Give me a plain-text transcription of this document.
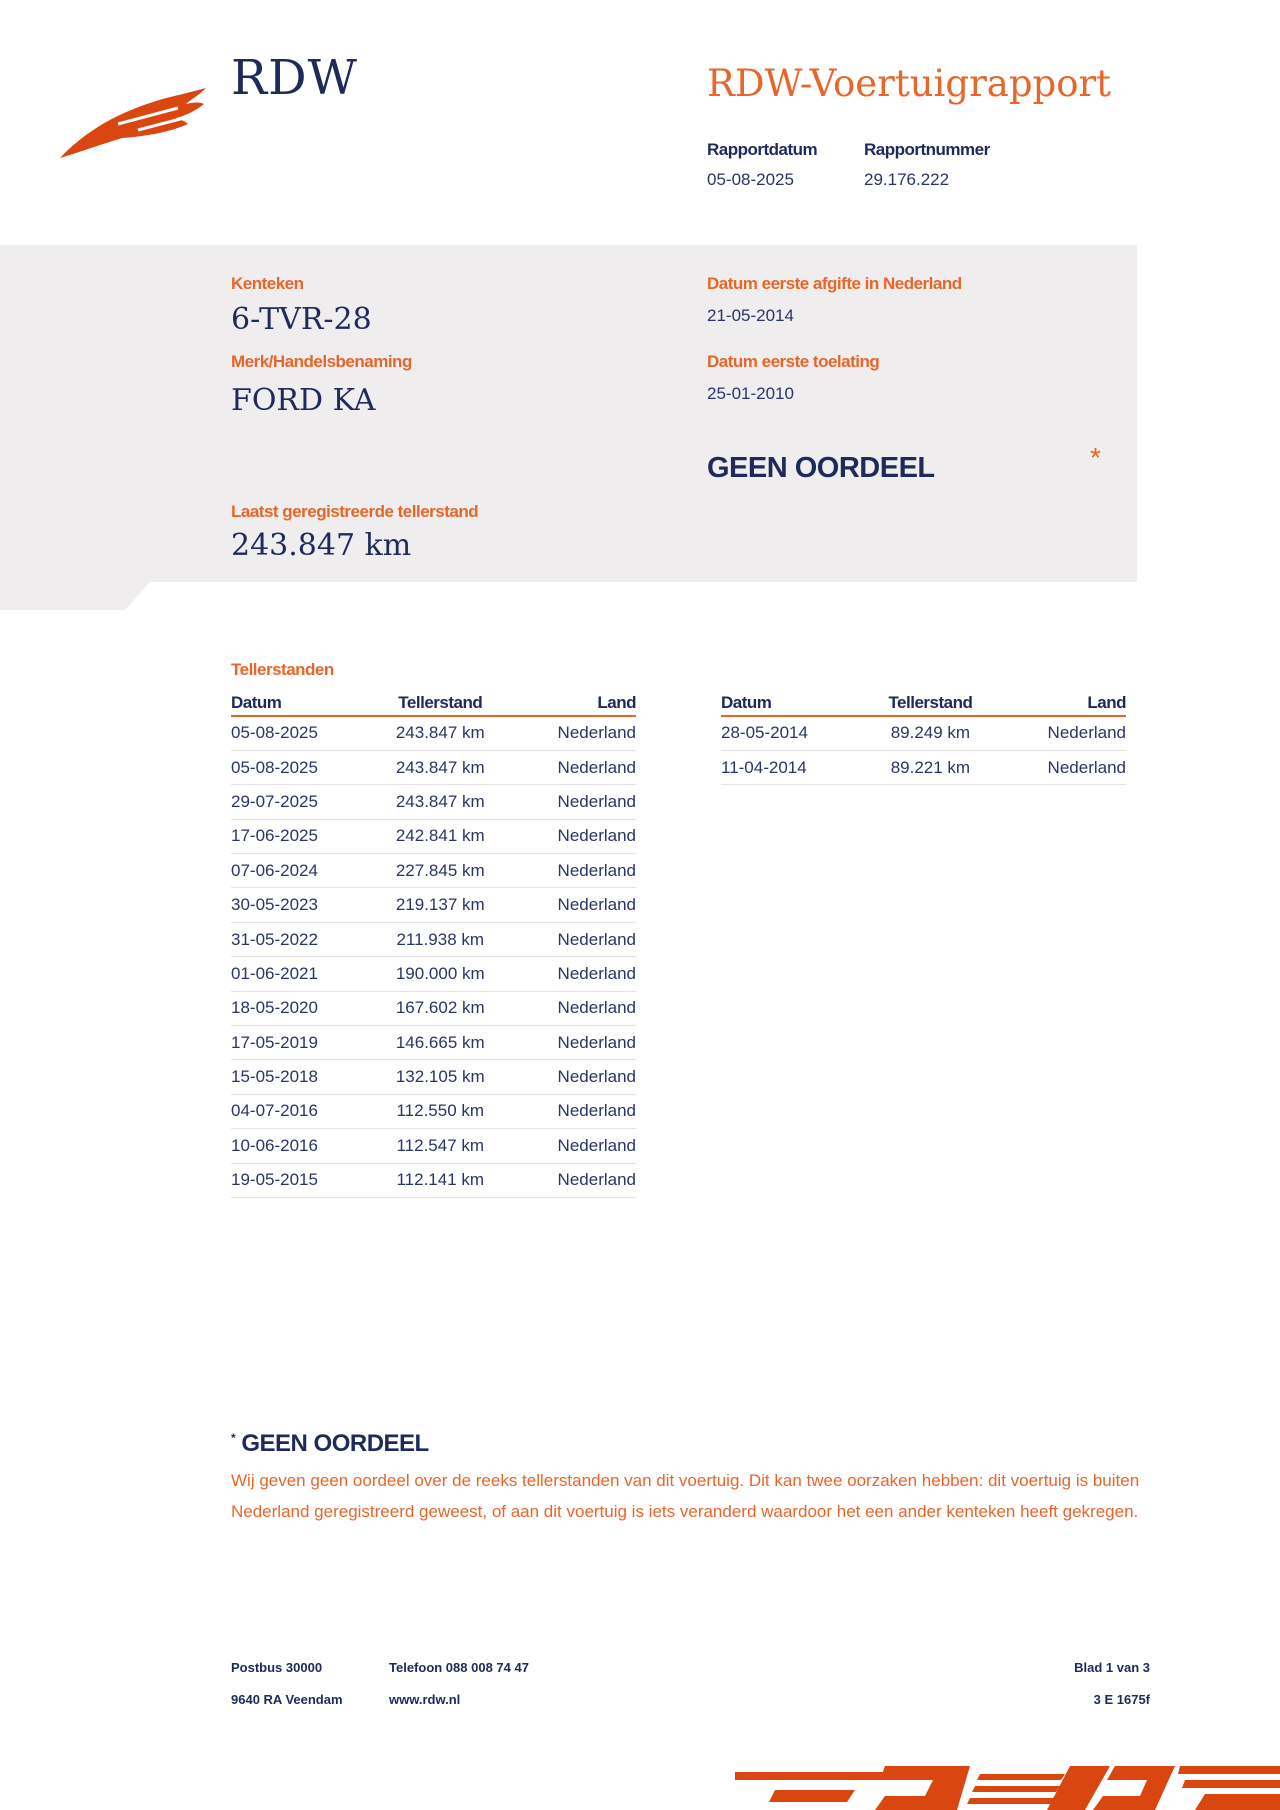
RDW	RDW-Voertuigrapport
Rapportdatum
05-08-2025
Rapportnummer
29.176.222
Kenteken
6-TVR-28
Merk/Handelsbenaming
FORD KA
Laatst geregistreerde tellerstand
243.847 km
Datum eerste afgifte in Nederland
21-05-2014
Datum eerste toelating
25-01-2010
GEEN OORDEEL	*
Tellerstanden
Datum	Tellerstand	Land
05-08-2025	243.847 km	Nederland
05-08-2025	243.847 km	Nederland
29-07-2025	243.847 km	Nederland
17-06-2025	242.841 km	Nederland
07-06-2024	227.845 km	Nederland
30-05-2023	219.137 km	Nederland
31-05-2022	211.938 km	Nederland
01-06-2021	190.000 km	Nederland
18-05-2020	167.602 km	Nederland
17-05-2019	146.665 km	Nederland
15-05-2018	132.105 km	Nederland
04-07-2016	112.550 km	Nederland
10-06-2016	112.547 km	Nederland
19-05-2015	112.141 km	Nederland
Datum	Tellerstand	Land
28-05-2014	89.249 km	Nederland
11-04-2014	89.221 km	Nederland
* GEEN OORDEEL
Wij geven geen oordeel over de reeks tellerstanden van dit voertuig. Dit kan twee oorzaken hebben: dit voertuig is buiten Nederland geregistreerd geweest, of aan dit voertuig is iets veranderd waardoor het een ander kenteken heeft gekregen.
Postbus 30000
9640 RA Veendam
Telefoon 088 008 74 47
www.rdw.nl
Blad 1 van 3
3 E 1675f
